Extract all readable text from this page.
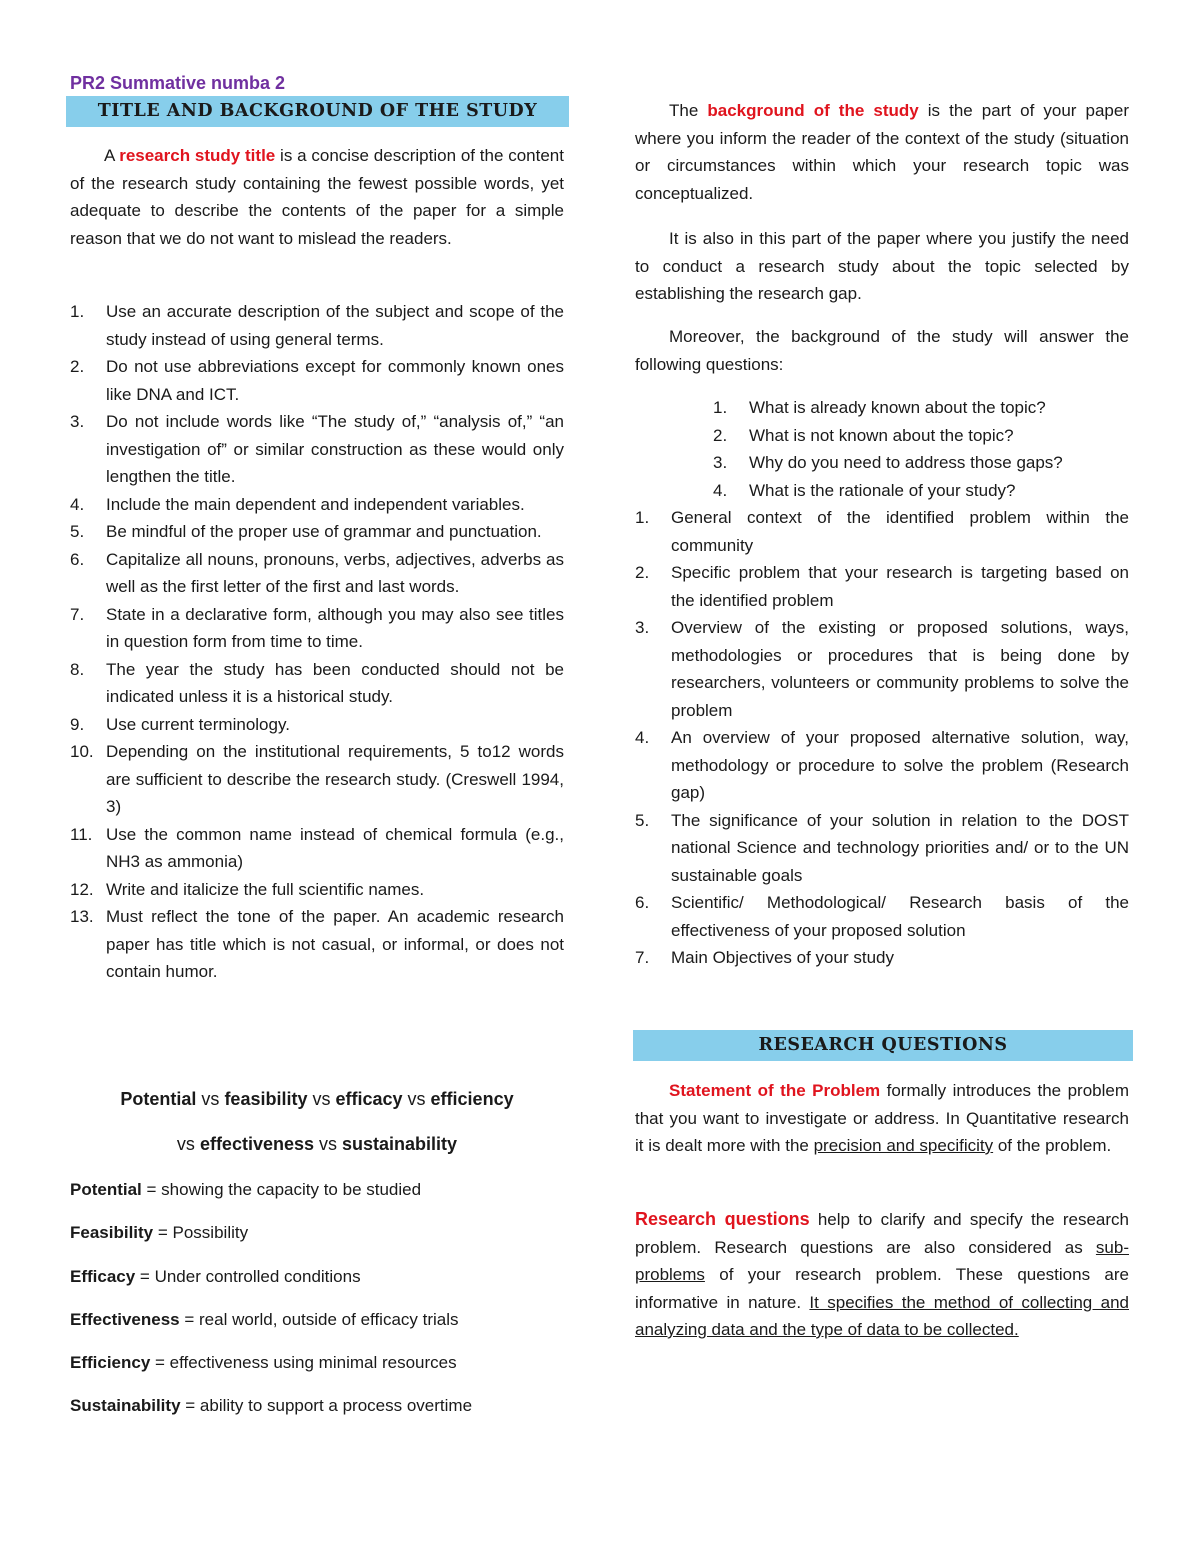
PR2 Summative numba 2
TITLE AND BACKGROUND OF THE STUDY

A research study title is a concise description of the content of the research study containing the fewest possible words, yet adequate to describe the contents of the paper for a simple reason that we do not want to mislead the readers.

1. Use an accurate description of the subject and scope of the study instead of using general terms.
2. Do not use abbreviations except for commonly known ones like DNA and ICT.
3. Do not include words like “The study of,” “analysis of,” “an investigation of” or similar construction as these would only lengthen the title.
4. Include the main dependent and independent variables.
5. Be mindful of the proper use of grammar and punctuation.
6. Capitalize all nouns, pronouns, verbs, adjectives, adverbs as well as the first letter of the first and last words.
7. State in a declarative form, although you may also see titles in question form from time to time.
8. The year the study has been conducted should not be indicated unless it is a historical study.
9. Use current terminology.
10. Depending on the institutional requirements, 5 to12 words are sufficient to describe the research study. (Creswell 1994, 3)
11. Use the common name instead of chemical formula (e.g., NH3 as ammonia)
12. Write and italicize the full scientific names.
13. Must reflect the tone of the paper. An academic research paper has title which is not casual, or informal, or does not contain humor.
Potential vs feasibility vs efficacy vs efficiency
vs effectiveness vs sustainability

Potential = showing the capacity to be studied

Feasibility = Possibility

Efficacy = Under controlled conditions

Effectiveness = real world, outside of efficacy trials

Efficiency = effectiveness using minimal resources

Sustainability = ability to support a process overtime

The background of the study is the part of your paper where you inform the reader of the context of the study (situation or circumstances within which your research topic was conceptualized.

It is also in this part of the paper where you justify the need to conduct a research study about the topic selected by establishing the research gap.

Moreover, the background of the study will answer the following questions:

1. What is already known about the topic?
2. What is not known about the topic?
3. Why do you need to address those gaps?
4. What is the rationale of your study?
1. General context of the identified problem within the community
2. Specific problem that your research is targeting based on the identified problem
3. Overview of the existing or proposed solutions, ways, methodologies or procedures that is being done by researchers, volunteers or community problems to solve the problem
4. An overview of your proposed alternative solution, way, methodology or procedure to solve the problem (Research gap)
5. The significance of your solution in relation to the DOST national Science and technology priorities and/ or to the UN sustainable goals
6. Scientific/ Methodological/ Research basis of the effectiveness of your proposed solution
7. Main Objectives of your study
RESEARCH QUESTIONS

Statement of the Problem formally introduces the problem that you want to investigate or address. In Quantitative research it is dealt more with the precision and specificity of the problem.

Research questions help to clarify and specify the research problem. Research questions are also considered as sub-problems of your research problem. These questions are informative in nature. It specifies the method of collecting and analyzing data and the type of data to be collected.
